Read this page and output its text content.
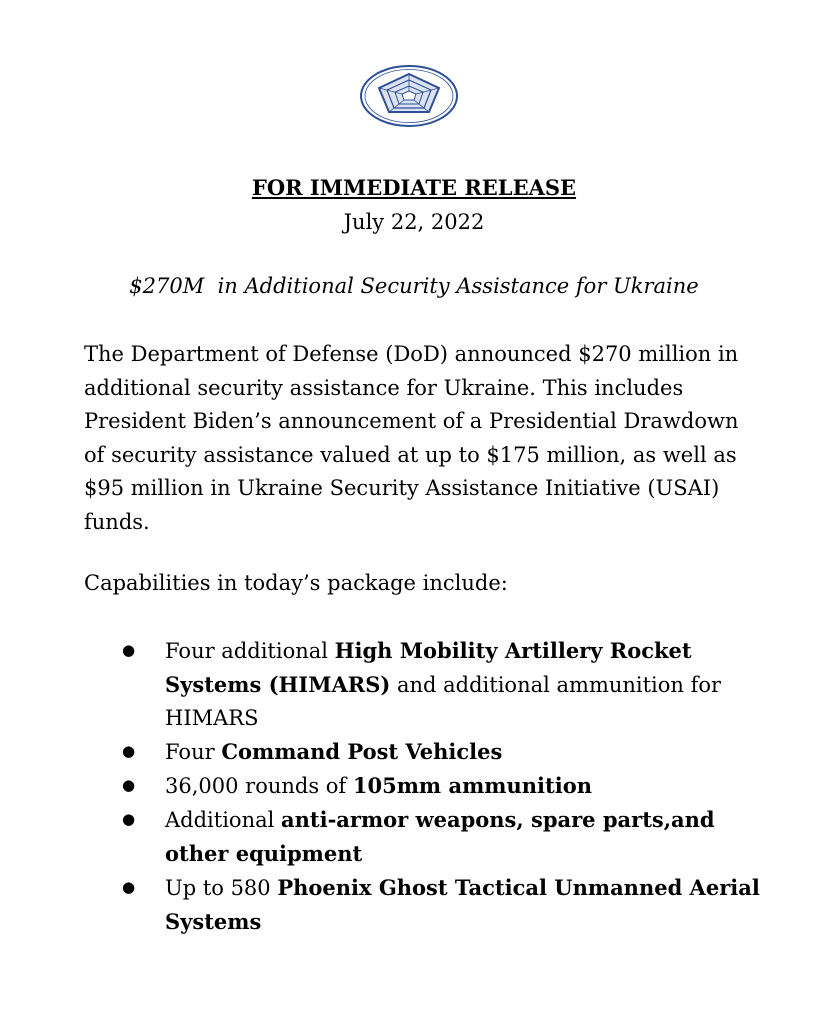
FOR IMMEDIATE RELEASE
July 22, 2022
$270M  in Additional Security Assistance for Ukraine
The Department of Defense (DoD) announced $270 million in additional security assistance for Ukraine. This includes President Biden’s announcement of a Presidential Drawdown of security assistance valued at up to $175 million, as well as $95 million in Ukraine Security Assistance Initiative (USAI) funds.
Capabilities in today’s package include:
● Four additional High Mobility Artillery Rocket Systems (HIMARS) and additional ammunition for HIMARS
● Four Command Post Vehicles
● 36,000 rounds of 105mm ammunition
● Additional anti-armor weapons, spare parts,and other equipment
● Up to 580 Phoenix Ghost Tactical Unmanned Aerial Systems
